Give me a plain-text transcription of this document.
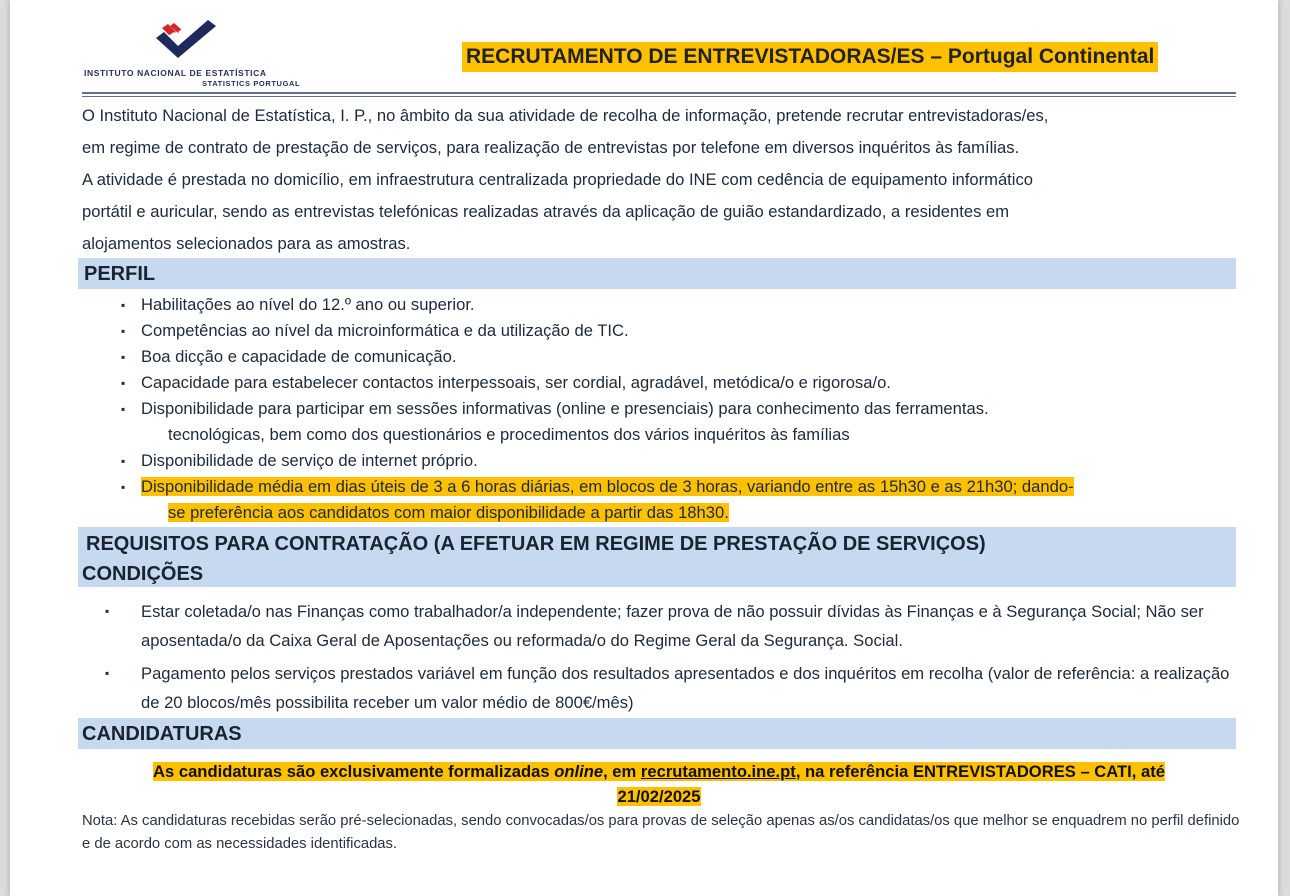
INSTITUTO NACIONAL DE ESTATÍSTICA
STATISTICS PORTUGAL
RECRUTAMENTO DE ENTREVISTADORAS/ES – Portugal Continental
O Instituto Nacional de Estatística, I. P., no âmbito da sua atividade de recolha de informação, pretende recrutar entrevistadoras/es,
em regime de contrato de prestação de serviços, para realização de entrevistas por telefone em diversos inquéritos às famílias.
A atividade é prestada no domicílio, em infraestrutura centralizada propriedade do INE com cedência de equipamento informático
portátil e auricular, sendo as entrevistas telefónicas realizadas através da aplicação de guião estandardizado, a residentes em
alojamentos selecionados para as amostras.
PERFIL
▪ Habilitações ao nível do 12.º ano ou superior.
▪ Competências ao nível da microinformática e da utilização de TIC.
▪ Boa dicção e capacidade de comunicação.
▪ Capacidade para estabelecer contactos interpessoais, ser cordial, agradável, metódica/o e rigorosa/o.
▪ Disponibilidade para participar em sessões informativas (online e presenciais) para conhecimento das ferramentas.
tecnológicas, bem como dos questionários e procedimentos dos vários inquéritos às famílias
▪ Disponibilidade de serviço de internet próprio.
▪ Disponibilidade média em dias úteis de 3 a 6 horas diárias, em blocos de 3 horas, variando entre as 15h30 e as 21h30; dando-
se preferência aos candidatos com maior disponibilidade a partir das 18h30.
REQUISITOS PARA CONTRATAÇÃO (A EFETUAR EM REGIME DE PRESTAÇÃO DE SERVIÇOS)
CONDIÇÕES
▪ Estar coletada/o nas Finanças como trabalhador/a independente; fazer prova de não possuir dívidas às Finanças e à Segurança Social; Não ser aposentada/o da Caixa Geral de Aposentações ou reformada/o do Regime Geral da Segurança. Social.
▪ Pagamento pelos serviços prestados variável em função dos resultados apresentados e dos inquéritos em recolha (valor de referência: a realização de 20 blocos/mês possibilita receber um valor médio de 800€/mês)
CANDIDATURAS
As candidaturas são exclusivamente formalizadas online, em recrutamento.ine.pt, na referência ENTREVISTADORES – CATI, até
21/02/2025
Nota: As candidaturas recebidas serão pré-selecionadas, sendo convocadas/os para provas de seleção apenas as/os candidatas/os que melhor se enquadrem no perfil definido e de acordo com as necessidades identificadas.
